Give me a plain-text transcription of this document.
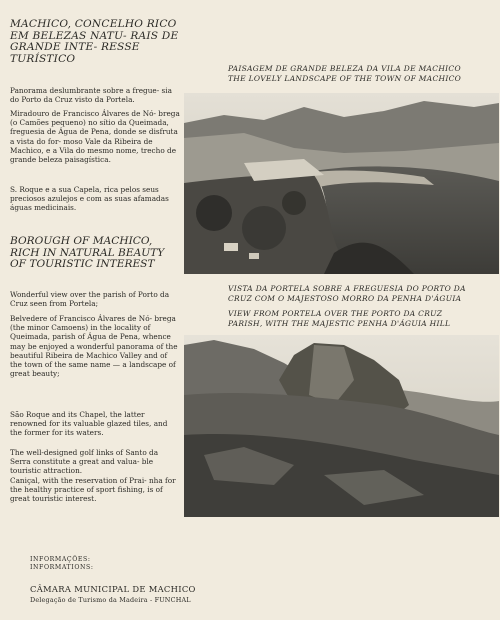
MACHICO, CONCELHO RICO EM BELEZAS NATU- RAIS DE GRANDE INTE- RESSE TURÍSTICO
Panorama deslumbrante sobre a fregue- sia do Porto da Cruz visto da Portela.
Miradouro de Francisco Álvares de Nó- brega (o Camões pequeno) no sítio da Queimada, freguesia de Água de Pena, donde se disfruta a vista do for- moso Vale da Ribeira de Machico, e a Vila do mesmo nome, trecho de grande beleza paisagística.
S. Roque e a sua Capela, rica pelos seus preciosos azulejos e com as suas afamadas águas medicinais.
BOROUGH OF MACHICO, RICH IN NATURAL BEAUTY OF TOURISTIC INTEREST
Wonderful view over the parish of Porto da Cruz seen from Portela;
Belvedere of Francisco Álvares de Nó- brega (the minor Camoens) in the locality of Queimada, parish of Água de Pena, whence may be enjoyed a wonderful panorama of the beautiful Ribeira de Machico Valley and of the town of the same name — a landscape of great beauty;
São Roque and its Chapel, the latter renowned for its valuable glazed tiles, and the former for its waters.
The well-designed golf links of Santo da Serra constitute a great and valua- ble touristic attraction.
Caniçal, with the reservation of Prai- nha for the healthy practice of sport fishing, is of great touristic interest.
PAISAGEM DE GRANDE BELEZA DA VILA DE MACHICO
THE LOVELY LANDSCAPE OF THE TOWN OF MACHICO
VISTA DA PORTELA SOBRE A FREGUESIA DO PORTO DA
CRUZ COM O MAJESTOSO MORRO DA PENHA D'ÁGUIA
VIEW FROM PORTELA OVER THE PORTO DA CRUZ
PARISH, WITH THE MAJESTIC PENHA D'ÁGUIA HILL
INFORMAÇÕES:
INFORMATIONS:
CÂMARA MUNICIPAL DE MACHICO
Delegação de Turismo da Madeira - FUNCHAL
